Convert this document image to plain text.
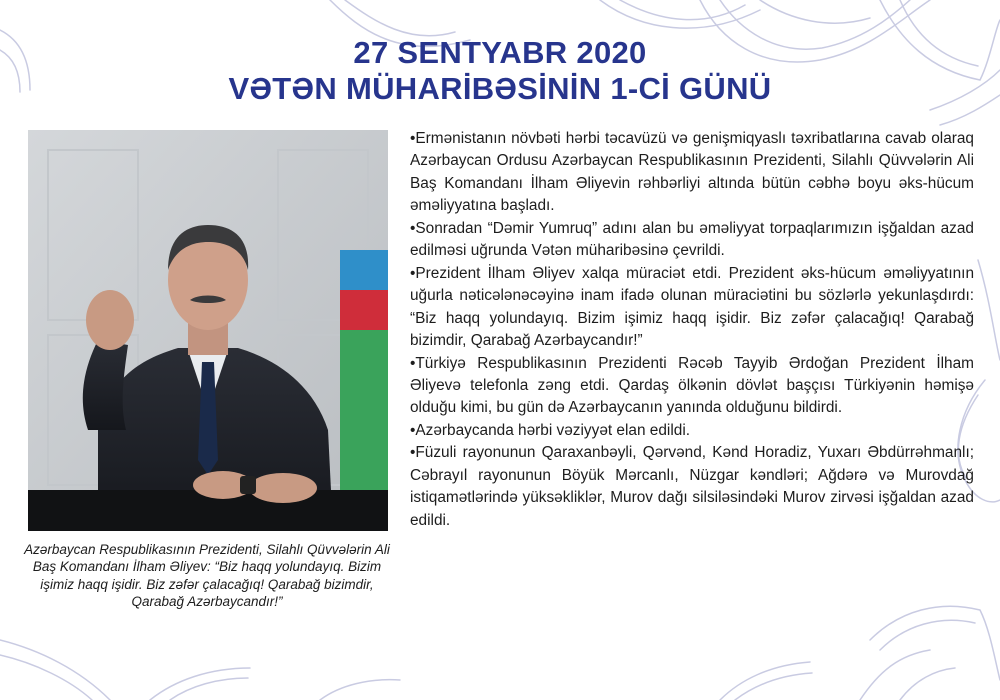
27 SENTYABR 2020
VƏTƏN MÜHARİBƏSİNİN 1-Cİ GÜNÜ
Azərbaycan Respublikasının Prezidenti, Silahlı Qüvvələrin Ali Baş Komandanı İlham Əliyev: “Biz haqq yolundayıq. Bizim işimiz haqq işidir. Biz zəfər çalacağıq! Qarabağ bizimdir, Qarabağ Azərbaycandır!”

•Ermənistanın növbəti hərbi təcavüzü və genişmiqyaslı təxribatlarına cavab olaraq Azərbaycan Ordusu Azərbaycan Respublikasının Prezidenti, Silahlı Qüvvələrin Ali Baş Komandanı İlham Əliyevin rəhbərliyi altında bütün cəbhə boyu əks-hücum əməliyyatına başladı.

•Sonradan “Dəmir Yumruq” adını alan bu əməliyyat torpaqlarımızın işğaldan azad edilməsi uğrunda Vətən müharibəsinə çevrildi.

•Prezident İlham Əliyev xalqa müraciət etdi. Prezident əks-hücum əməliyyatının uğurla nəticələnəcəyinə inam ifadə olunan müraciətini bu sözlərlə yekunlaşdırdı: “Biz haqq yolundayıq. Bizim işimiz haqq işidir. Biz zəfər çalacağıq! Qarabağ bizimdir, Qarabağ Azərbaycandır!”

•Türkiyə Respublikasının Prezidenti Rəcəb Tayyib Ərdoğan Prezident İlham Əliyevə telefonla zəng etdi. Qardaş ölkənin dövlət başçısı Türkiyənin həmişə olduğu kimi, bu gün də Azərbaycanın yanında olduğunu bildirdi.

•Azərbaycanda hərbi vəziyyət elan edildi.

•Füzuli rayonunun Qaraxanbəyli, Qərvənd, Kənd Horadiz, Yuxarı Əbdürrəhmanlı; Cəbrayıl rayonunun Böyük Mərcanlı, Nüzgar kəndləri; Ağdərə və Murovdağ istiqamətlərində yüksəkliklər, Murov dağı silsiləsindəki Murov zirvəsi işğaldan azad edildi.
